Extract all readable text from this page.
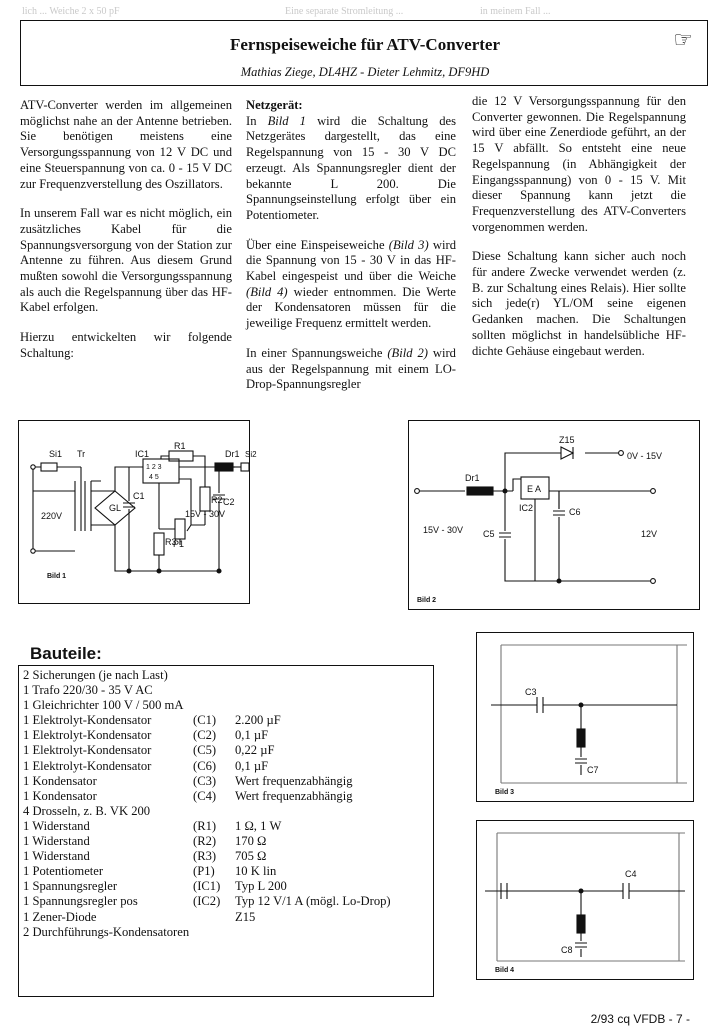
lich ... Weiche 2 x 50 pF	Eine separate Stromleitung ...	in meinem Fall ...
Fernspeiseweiche für ATV-Converter
Mathias Ziege, DL4HZ - Dieter Lehmitz, DF9HD
☞

ATV-Converter werden im allgemeinen möglichst nahe an der Antenne betrieben. Sie benötigen meistens eine Versorgungsspannung von 12 V DC und eine Steuerspannung von ca. 0 - 15 V DC zur Frequenzverstellung des Oszillators.

In unserem Fall war es nicht möglich, ein zusätzliches Kabel für die Spannungsversorgung von der Station zur Antenne zu führen. Aus diesem Grund mußten sowohl die Versorgungsspannung als auch die Regelspannung über das HF-Kabel erfolgen.

Hierzu entwickelten wir folgende Schaltung:

Netzgerät:

In Bild 1 wird die Schaltung des Netzgerätes dargestellt, das eine Regelspannung von 15 - 30 V DC erzeugt. Als Spannungsregler dient der bekannte L 200. Die Spannungseinstellung erfolgt über ein Potentiometer.

Über eine Einspeiseweiche (Bild 3) wird die Spannung von 15 - 30 V in das HF-Kabel eingespeist und über die Weiche (Bild 4) wieder entnommen. Die Werte der Kondensatoren müssen für die jeweilige Frequenz ermittelt werden.

In einer Spannungsweiche (Bild 2) wird aus der Regelspannung mit einem LO-Drop-Spannungsregler

die 12 V Versorgungsspannung für den Converter gewonnen. Die Regelspannung wird über eine Zenerdiode geführt, an der 15 V abfällt. So entsteht eine neue Regelspannung (in Abhängigkeit der Eingangsspannung) von 0 - 15 V. Mit dieser Spannung kann jetzt die Frequenzverstellung des ATV-Converters vorgenommen werden.

Diese Schaltung kann sicher auch noch für andere Zwecke verwendet werden (z. B. zur Schaltung eines Relais). Hier sollte sich jede(r) YL/OM seine eigenen Gedanken machen. Die Schaltungen sollten möglichst in handelsübliche HF-dichte Gehäuse eingebaut werden.

Si1 Tr	IC1
R1
Dr1 Si2
220V
GL
C1	R2 C2
P1
R3
15V - 30V
1 2 3
4 5
Bild 1
Dr1
Z15
0V - 15V
E A
IC2
C5
C6
15V - 30V	12V
Bild 2
Bauteile:
2 Sicherungen (je nach Last)		
1 Trafo 220/30 - 35 V AC		
1 Gleichrichter 100 V / 500 mA		
1 Elektrolyt-Kondensator	(C1)	2.200 µF
1 Elektrolyt-Kondensator	(C2)	0,1 µF
1 Elektrolyt-Kondensator	(C5)	0,22 µF
1 Elektrolyt-Kondensator	(C6)	0,1 µF
1 Kondensator	(C3)	Wert frequenzabhängig
1 Kondensator	(C4)	Wert frequenzabhängig
4 Drosseln, z. B. VK 200		
1 Widerstand	(R1)	1 Ω, 1 W
1 Widerstand	(R2)	170 Ω
1 Widerstand	(R3)	705 Ω
1 Potentiometer	(P1)	10 K lin
1 Spannungsregler	(IC1)	Typ L 200
1 Spannungsregler pos	(IC2)	Typ 12 V/1 A (mögl. Lo-Drop)
1 Zener-Diode		Z15
2 Durchführungs-Kondensatoren		
C3
C7
Bild 3
C4
C8
Bild 4
2/93 cq VFDB - 7 -
